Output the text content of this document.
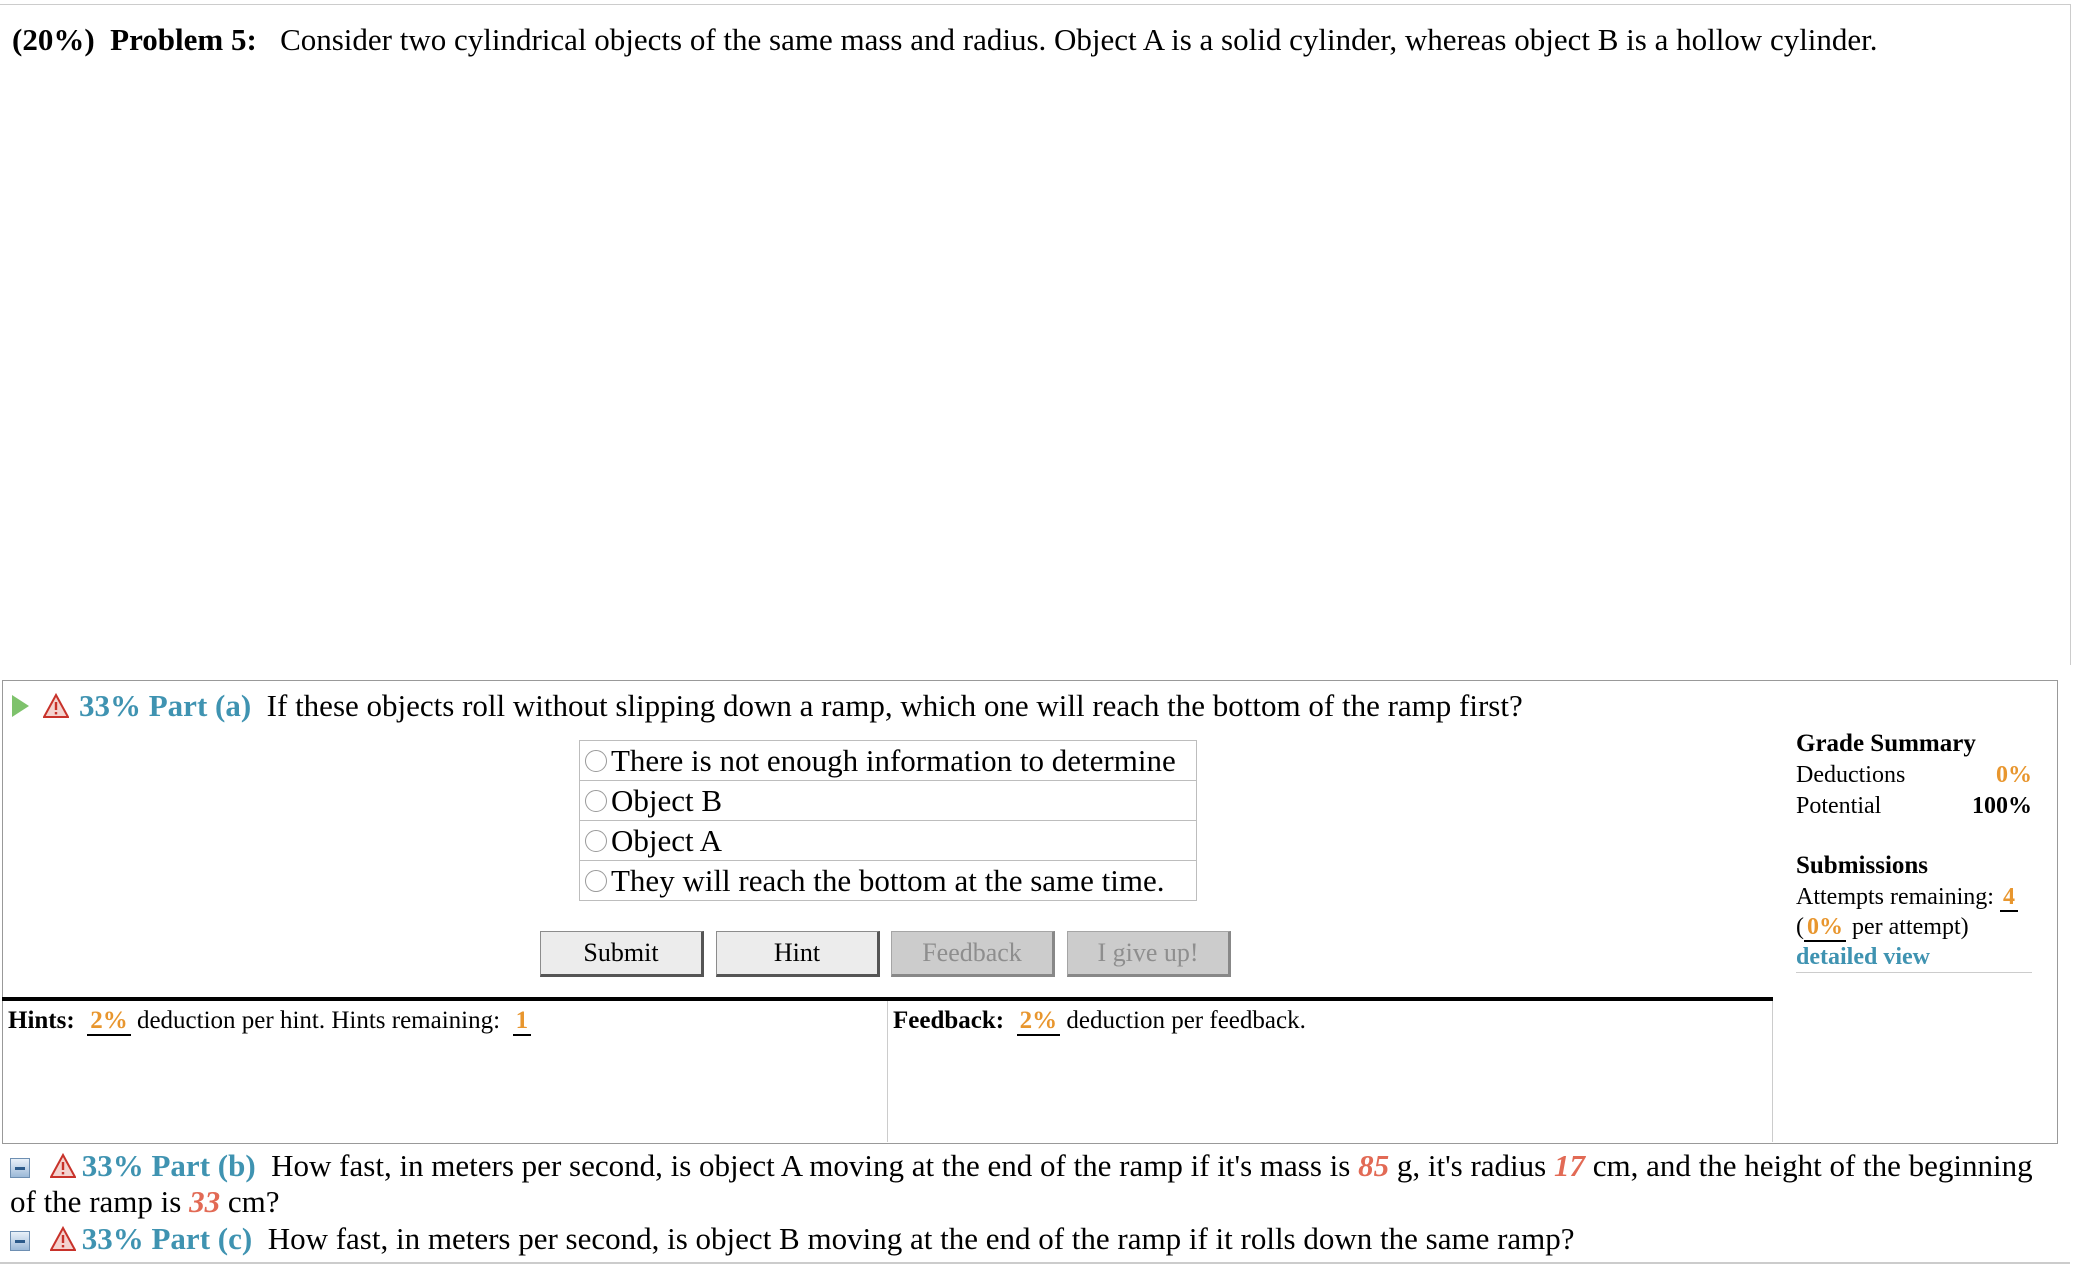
(20%) Problem 5: Consider two cylindrical objects of the same mass and radius. Object A is a solid cylinder, whereas object B is a hollow cylinder.
33%
Part (a)
If these objects roll without slipping down a ramp, which one will reach the bottom of the ramp first?
There is not enough information to determine
Object B
Object A
They will reach the bottom at the same time.
Submit	Hint	Feedback	I give up!
Grade Summary
Deductions	0%
Potential	100%
Submissions
Attempts remaining: 4
( 0% per attempt)
detailed view
Hints: 2% deduction per hint. Hints remaining: 1	Feedback: 2% deduction per feedback.
33% Part (b) How fast, in meters per second, is object A moving at the end of the ramp if it's mass is 85 g, it's radius 17 cm, and the height of the beginning of the ramp is 33 cm?
33% Part (c) How fast, in meters per second, is object B moving at the end of the ramp if it rolls down the same ramp?
